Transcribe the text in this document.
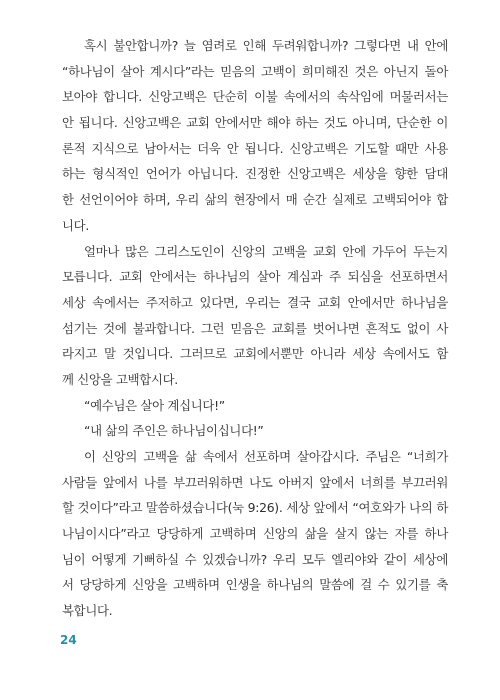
혹시 불안합니까? 늘 염려로 인해 두려워합니까? 그렇다면 내 안에
“하나님이 살아 계시다”라는 믿음의 고백이 희미해진 것은 아닌지 돌아
보아야 합니다. 신앙고백은 단순히 이불 속에서의 속삭임에 머물러서는
안 됩니다. 신앙고백은 교회 안에서만 해야 하는 것도 아니며, 단순한 이
론적 지식으로 남아서는 더욱 안 됩니다. 신앙고백은 기도할 때만 사용
하는 형식적인 언어가 아닙니다. 진정한 신앙고백은 세상을 향한 담대
한 선언이어야 하며, 우리 삶의 현장에서 매 순간 실제로 고백되어야 합
니다.
얼마나 많은 그리스도인이 신앙의 고백을 교회 안에 가두어 두는지
모릅니다. 교회 안에서는 하나님의 살아 계심과 주 되심을 선포하면서
세상 속에서는 주저하고 있다면, 우리는 결국 교회 안에서만 하나님을
섬기는 것에 불과합니다. 그런 믿음은 교회를 벗어나면 흔적도 없이 사
라지고 말 것입니다. 그러므로 교회에서뿐만 아니라 세상 속에서도 함
께 신앙을 고백합시다.
“예수님은 살아 계십니다!”
“내 삶의 주인은 하나님이십니다!”
이 신앙의 고백을 삶 속에서 선포하며 살아갑시다. 주님은 “너희가
사람들 앞에서 나를 부끄러워하면 나도 아버지 앞에서 너희를 부끄러워
할 것이다”라고 말씀하셨습니다(눅 9:26). 세상 앞에서 “여호와가 나의 하
나님이시다”라고 당당하게 고백하며 신앙의 삶을 살지 않는 자를 하나
님이 어떻게 기뻐하실 수 있겠습니까? 우리 모두 엘리야와 같이 세상에
서 당당하게 신앙을 고백하며 인생을 하나님의 말씀에 걸 수 있기를 축
복합니다.
24
